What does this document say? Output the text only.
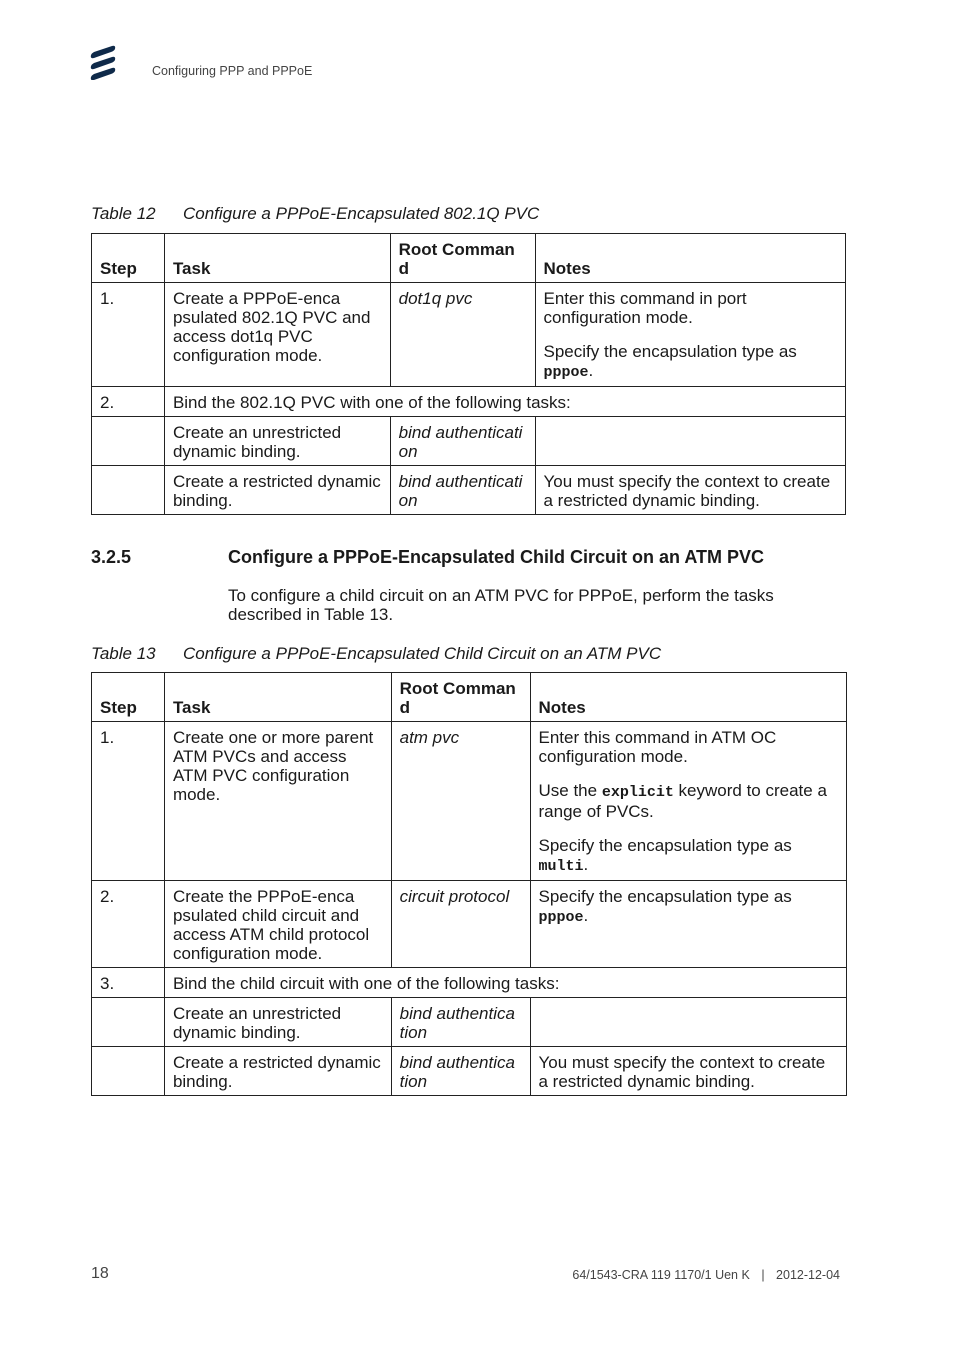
Configuring PPP and PPPoE
Table 12 Configure a PPPoE-Encapsulated 802.1Q PVC
Step	Task	Root Comman d	Notes
1.	Create a PPPoE-enca psulated 802.1Q PVC and access dot1q PVC configuration mode.	dot1q pvc	Enter this command in port configuration mode.

Specify the encapsulation type as pppoe.

2.	Bind the 802.1Q PVC with one of the following tasks:		
	Create an unrestricted dynamic binding.	bind authenticati on	
	Create a restricted dynamic binding.	bind authenticati on	You must specify the context to create a restricted dynamic binding.
3.2.5	Configure a PPPoE-Encapsulated Child Circuit on an ATM PVC
To configure a child circuit on an ATM PVC for PPPoE, perform the tasks described in Table 13.
Table 13 Configure a PPPoE-Encapsulated Child Circuit on an ATM PVC
Step	Task	Root Comman d	Notes
1.	Create one or more parent ATM PVCs and access ATM PVC configuration mode.	atm pvc	Enter this command in ATM OC configuration mode.

Use the explicit keyword to create a range of PVCs.

Specify the encapsulation type as multi.

2.	Create the PPPoE-enca psulated child circuit and access ATM child protocol configuration mode.	circuit protocol	Specify the encapsulation type as pppoe.

3.	Bind the child circuit with one of the following tasks:		
	Create an unrestricted dynamic binding.	bind authentica tion	
	Create a restricted dynamic binding.	bind authentica tion	You must specify the context to create a restricted dynamic binding.
18	64/1543-CRA 119 1170/1 Uen K | 2012-12-04
